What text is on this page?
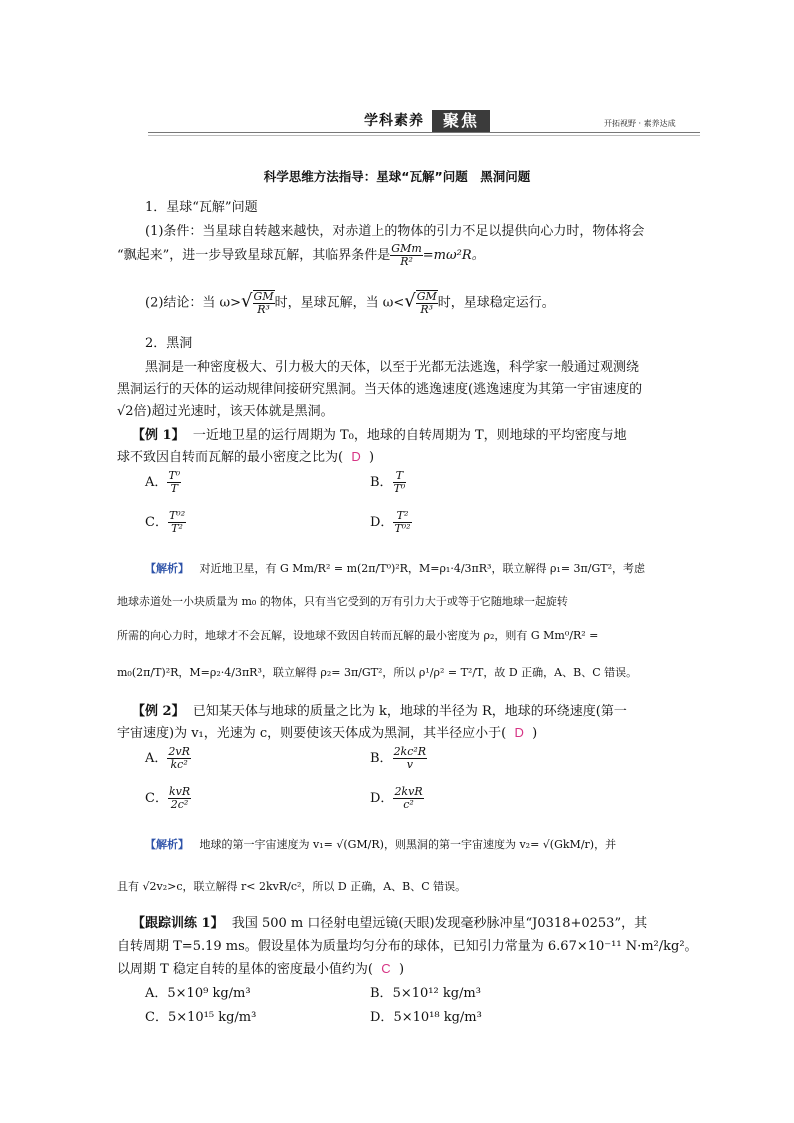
学科素养	聚焦	开拓视野 · 素养达成
科学思维方法指导：星球“瓦解”问题　黑洞问题
1．星球“瓦解”问题
(1)条件：当星球自转越来越快，对赤道上的物体的引力不足以提供向心力时，物体将会
“飘起来”，进一步导致星球瓦解，其临界条件是 $\frac{\text{GMm}}{\text{R²}} =m\omega^2R$。
(2)结论：当 $\omega>√ \frac{GM}{\text{R³}}$ 时，星球瓦解，当 $\omega<√ \frac{GM}{\text{R³}}$ 时，星球稳定运行。
2．黑洞
黑洞是一种密度极大、引力极大的天体，以至于光都无法逃逸，科学家一般通过观测绕
黑洞运行的天体的运动规律间接研究黑洞。当天体的逃逸速度(逃逸速度为其第一宇宙速度的
√2倍)超过光速时，该天体就是黑洞。
【例 1】 一近地卫星的运行周期为 T₀，地球的自转周期为 T，则地球的平均密度与地
球不致因自转而瓦解的最小密度之比为( D )
A． $\frac{\text{T⁰}}{T}$	B． $\frac{T}{\text{T⁰}}$
C． $\frac{\text{T⁰²}}{\text{T²}}$	D． $\frac{\text{T²}}{\text{T⁰²}}$
【解析】 对近地卫星，有 G Mm/R² = m(2π/T⁰)²R，M=ρ₁·4/3πR³，联立解得 ρ₁= 3π/GT²，考虑
地球赤道处一小块质量为 m₀ 的物体，只有当它受到的万有引力大于或等于它随地球一起旋转
所需的向心力时，地球才不会瓦解，设地球不致因自转而瓦解的最小密度为 ρ₂，则有 G Mm⁰/R² =
m₀(2π/T)²R，M=ρ₂·4/3πR³，联立解得 ρ₂= 3π/GT²，所以 ρ¹/ρ² = T²/T，故 D 正确，A、B、C 错误。
【例 2】 已知某天体与地球的质量之比为 k，地球的半径为 R，地球的环绕速度(第一
宇宙速度)为 v₁，光速为 c，则要使该天体成为黑洞，其半径应小于( D )
A． $\frac{2vR}{\text{kc²}}$	B． $\frac{\text{2kc²R}}{v}$
C． $\frac{\text{kvR}}{\text{2c²}}$	D． $\frac{\text{2kvR}}{\text{c²}}$
【解析】 地球的第一宇宙速度为 v₁= √(GM/R)，则黑洞的第一宇宙速度为 v₂= √(GkM/r)，并
且有 √2v₂>c，联立解得 r< 2kvR/c²，所以 D 正确，A、B、C 错误。
【跟踪训练 1】 我国 500 m 口径射电望远镜(天眼)发现毫秒脉冲星“J0318+0253”，其
自转周期 T=5.19 ms。假设星体为质量均匀分布的球体，已知引力常量为 6.67×10⁻¹¹ N·m²/kg²。
以周期 T 稳定自转的星体的密度最小值约为( C )
A．5×10⁹ kg/m³	B．5×10¹² kg/m³
C．5×10¹⁵ kg/m³	D．5×10¹⁸ kg/m³
